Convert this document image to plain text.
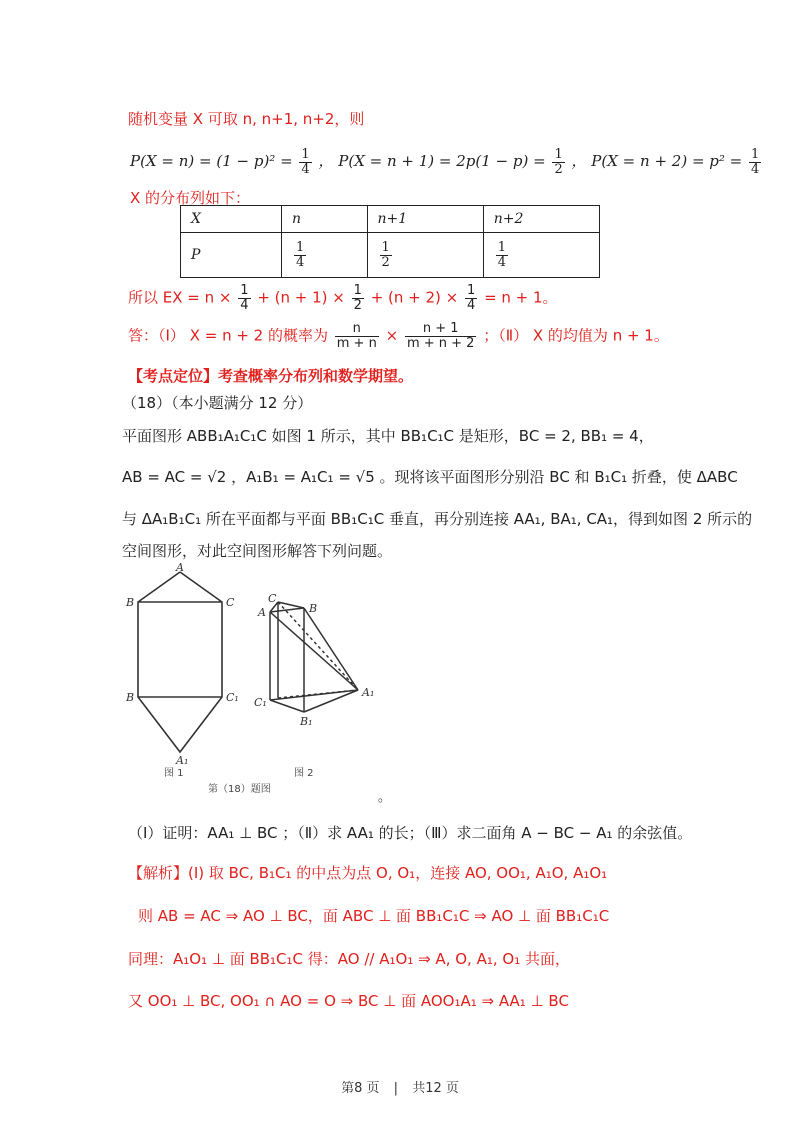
随机变量 X 可取 n, n+1, n+2，则
$P(X = n) = (1 - p)^2 = \frac{1}{4}$ ， $P(X = n + 1) = 2p(1 - p) = \frac{1}{2}$ ， $P(X = n + 2) = p^2 = \frac{1}{4}$
X 的分布列如下：
X	n	n+1	n+2
P	$\frac{1}{4}$	$\frac{1}{2}$	$\frac{1}{4}$
所以 EX = $n \times \frac{1}{4} + (n + 1) \times \frac{1}{2} + (n + 2) \times \frac{1}{4} = n + 1$。
答：（Ⅰ） X = n + 2 的概率为 $\frac{n}{m + n} \times \frac{n + 1}{m + n + 2}$ ；（Ⅱ） X 的均值为 n + 1。
【考点定位】考查概率分布列和数学期望。
（18）（本小题满分 12 分）
平面图形 ABB₁A₁C₁C 如图 1 所示，其中 BB₁C₁C 是矩形，BC = 2, BB₁ = 4，
AB = AC = √2 ，A₁B₁ = A₁C₁ = √5 。现将该平面图形分别沿 BC 和 B₁C₁ 折叠，使 ΔABC
与 ΔA₁B₁C₁ 所在平面都与平面 BB₁C₁C 垂直，再分别连接 AA₁, BA₁, CA₁，得到如图 2 所示的
空间图形，对此空间图形解答下列问题。
A
B	C
B	C₁
A₁
C
A	B
C₁
B₁
A₁
图 1	图 2
第（18）题图
。
（Ⅰ）证明：AA₁ ⊥ BC ；（Ⅱ）求 AA₁ 的长；（Ⅲ）求二面角 A − BC − A₁ 的余弦值。
【解析】(Ⅰ) 取 BC, B₁C₁ 的中点为点 O, O₁，连接 AO, OO₁, A₁O, A₁O₁
则 AB = AC ⇒ AO ⊥ BC，面 ABC ⊥ 面 BB₁C₁C ⇒ AO ⊥ 面 BB₁C₁C
同理：A₁O₁ ⊥ 面 BB₁C₁C 得：AO // A₁O₁ ⇒ A, O, A₁, O₁ 共面，
又 OO₁ ⊥ BC, OO₁ ∩ AO = O ⇒ BC ⊥ 面 AOO₁A₁ ⇒ AA₁ ⊥ BC
第8 页 | 共12 页
